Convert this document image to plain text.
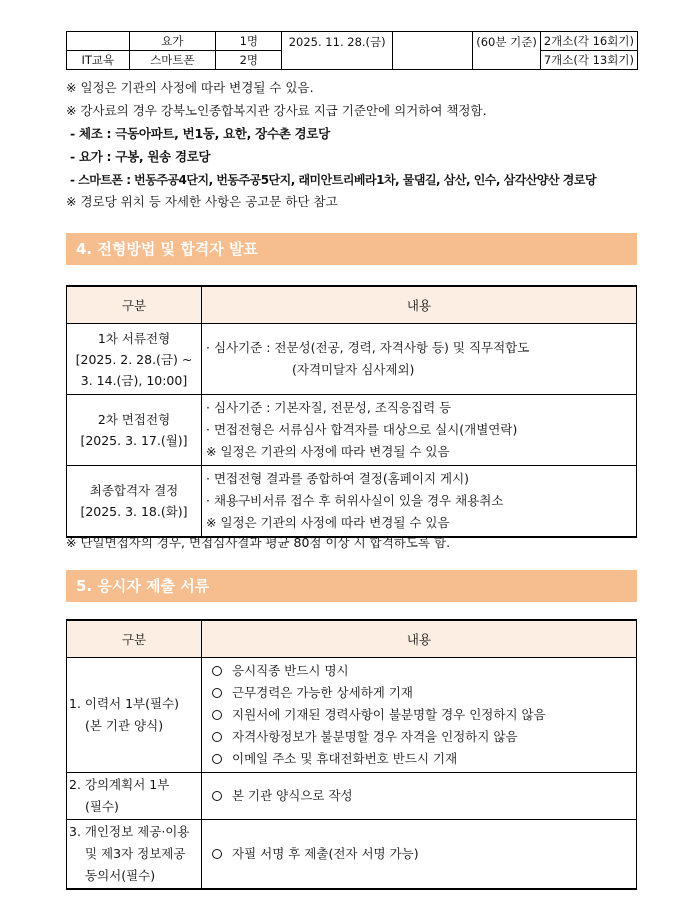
	요가	1명	2025. 11. 28.(금)		(60분 기준)	2개소(각 16회기)
IT교육	스마트폰	2명				7개소(각 13회기)
※ 일정은 기관의 사정에 따라 변경될 수 있음.
※ 강사료의 경우 강북노인종합복지관 강사료 지급 기준안에 의거하여 책정함.
- 체조 : 극동아파트, 번1동, 요한, 장수촌 경로당
- 요가 : 구봉, 원송 경로당
- 스마트폰 : 번동주공4단지, 번동주공5단지, 래미안트리베라1차, 물댐길, 삼산, 인수, 삼각산양산 경로당
※ 경로당 위치 등 자세한 사항은 공고문 하단 참고
4. 전형방법 및 합격자 발표
구분	내용

1차 서류전형
[2025. 2. 28.(금) ~
3. 14.(금), 10:00]	· 심사기준 : 전문성(전공, 경력, 자격사항 등) 및 직무적합도
(자격미달자 심사제외)

2차 면접전형
[2025. 3. 17.(월)]	· 심사기준 : 기본자질, 전문성, 조직응집력 등
· 면접전형은 서류심사 합격자를 대상으로 실시(개별연락)
※ 일정은 기관의 사정에 따라 변경될 수 있음

최종합격자 결정
[2025. 3. 18.(화)]	· 면접전형 결과를 종합하여 결정(홈페이지 게시)
· 채용구비서류 접수 후 허위사실이 있을 경우 채용취소
※ 일정은 기관의 사정에 따라 변경될 수 있음
※ 단일면접자의 경우, 면접심사결과 평균 80점 이상 시 합격하도록 함.
5. 응시자 제출 서류
구분	내용

1. 이력서 1부(필수)
(본 기관 양식)	응시직종 반드시 명시
근무경력은 가능한 상세하게 기재
지원서에 기재된 경력사항이 불분명할 경우 인정하지 않음
자격사항정보가 불분명할 경우 자격을 인정하지 않음
이메일 주소 및 휴대전화번호 반드시 기재

2. 강의계획서 1부
(필수)	본 기관 양식으로 작성

3. 개인정보 제공·이용
및 제3자 정보제공
동의서(필수)	자필 서명 후 제출(전자 서명 가능)
